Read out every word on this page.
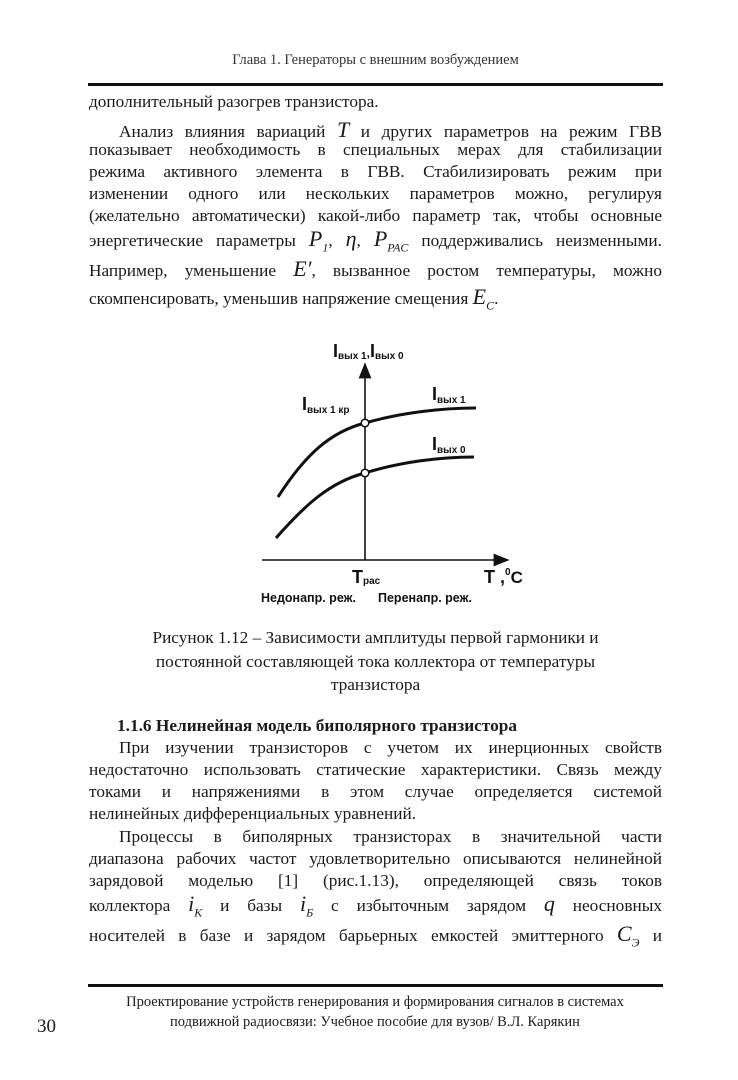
Глава 1. Генераторы с внешним возбуждением
дополнительный разогрев транзистора.
Анализ влияния вариаций T и других параметров на режим ГВВ
показывает необходимость в специальных мерах для стабилизации
режима активного элемента в ГВВ. Стабилизировать режим при
изменении одного или нескольких параметров можно, регулируя
(желательно автоматически) какой-либо параметр так, чтобы основные
энергетические параметры $P_1$, η, $P_{PAC}$ поддерживались неизменными.
Например, уменьшение E′, вызванное ростом температуры, можно
скомпенсировать, уменьшив напряжение смещения $E_C$.
Iвых 1,Iвых 0
Iвых 1 кр
Iвых 1
Iвых 0
Tрас	T ,$^0$C
Недонапр. реж. Перенапр. реж.
Рисунок 1.12 – Зависимости амплитуды первой гармоники и
постоянной составляющей тока коллектора от температуры
транзистора
1.1.6 Нелинейная модель биполярного транзистора
При изучении транзисторов с учетом их инерционных свойств
недостаточно использовать статические характеристики. Связь между
токами и напряжениями в этом случае определяется системой
нелинейных дифференциальных уравнений.
Процессы в биполярных транзисторах в значительной части
диапазона рабочих частот удовлетворительно описываются нелинейной
зарядовой моделью [1] (рис.1.13), определяющей связь токов
коллектора $i_К$ и базы $i_Б$ с избыточным зарядом q неосновных
носителей в базе и зарядом барьерных емкостей эмиттерного $C_Э$ и
Проектирование устройств генерирования и формирования сигналов в системах
подвижной радиосвязи: Учебное пособие для вузов/ В.Л. Карякин
30
